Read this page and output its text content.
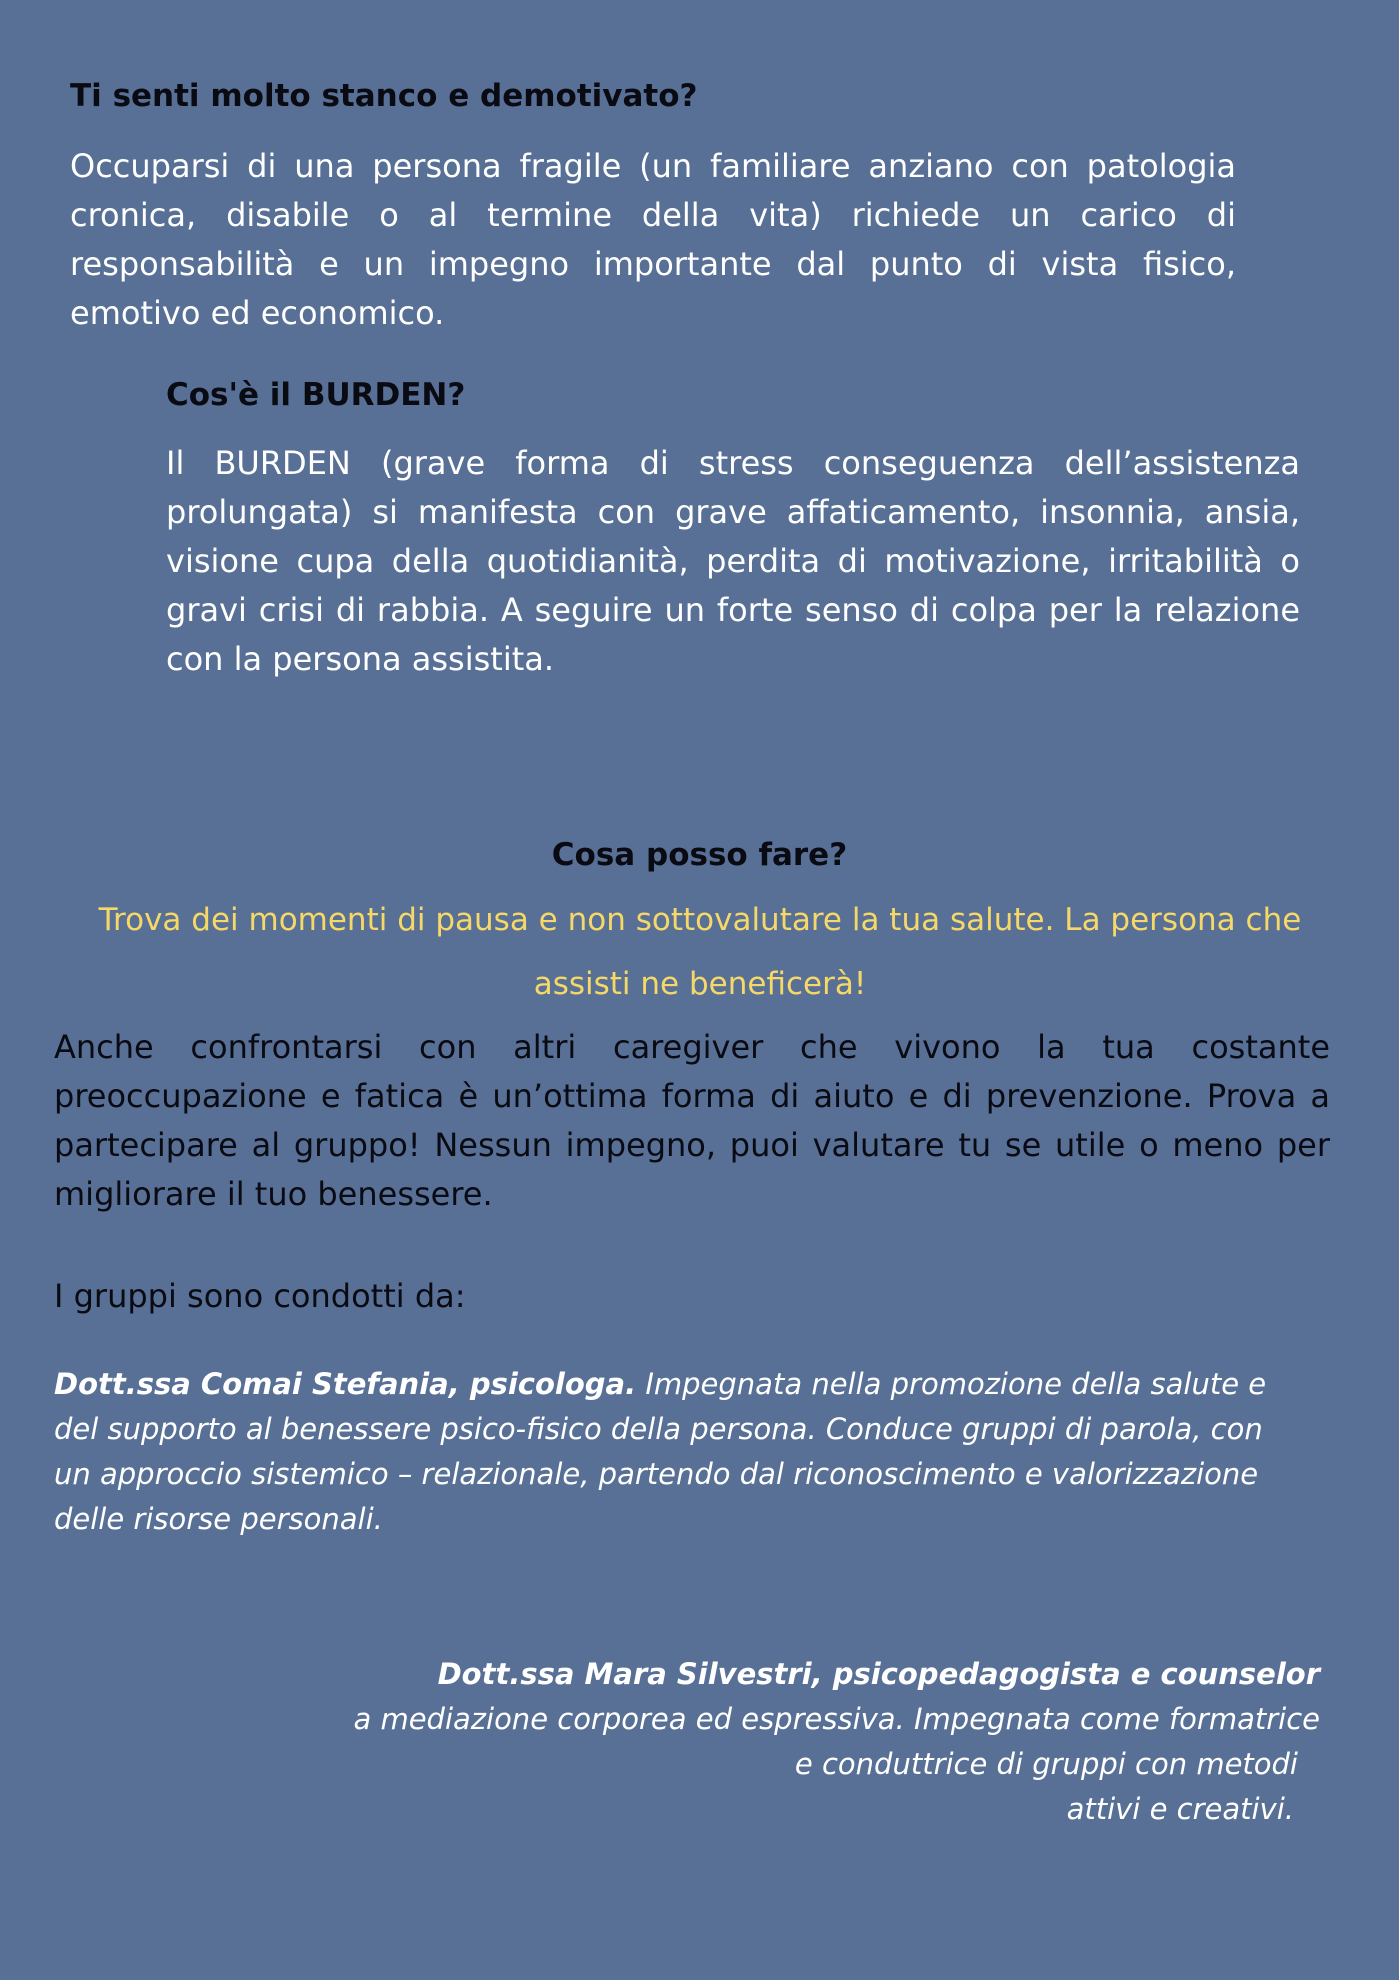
Ti senti molto stanco e demotivato?

Occuparsi di una persona fragile (un familiare anziano con patologia cronica, disabile o al termine della vita) richiede un carico di responsabilità e un impegno importante dal punto di vista fisico, emotivo ed economico.

Cos'è il BURDEN?

Il BURDEN (grave forma di stress conseguenza dell’assistenza prolungata) si manifesta con grave affaticamento, insonnia, ansia, visione cupa della quotidianità, perdita di motivazione, irritabilità o gravi crisi di rabbia. A seguire un forte senso di colpa per la relazione con la persona assistita.

Cosa posso fare?

Trova dei momenti di pausa e non sottovalutare la tua salute. La persona che assisti ne beneficerà!

Anche confrontarsi con altri caregiver che vivono la tua costante preoccupazione e fatica è un’ottima forma di aiuto e di prevenzione. Prova a partecipare al gruppo! Nessun impegno, puoi valutare tu se utile o meno per migliorare il tuo benessere.

I gruppi sono condotti da:

Dott.ssa Comai Stefania, psicologa. Impegnata nella promozione della salute e del supporto al benessere psico-fisico della persona. Conduce gruppi di parola, con un approccio sistemico – relazionale, partendo dal riconoscimento e valorizzazione delle risorse personali.

Dott.ssa Mara Silvestri, psicopedagogista e counselor
a mediazione corporea ed espressiva. Impegnata come formatrice
e conduttrice di gruppi con metodi
attivi e creativi.
